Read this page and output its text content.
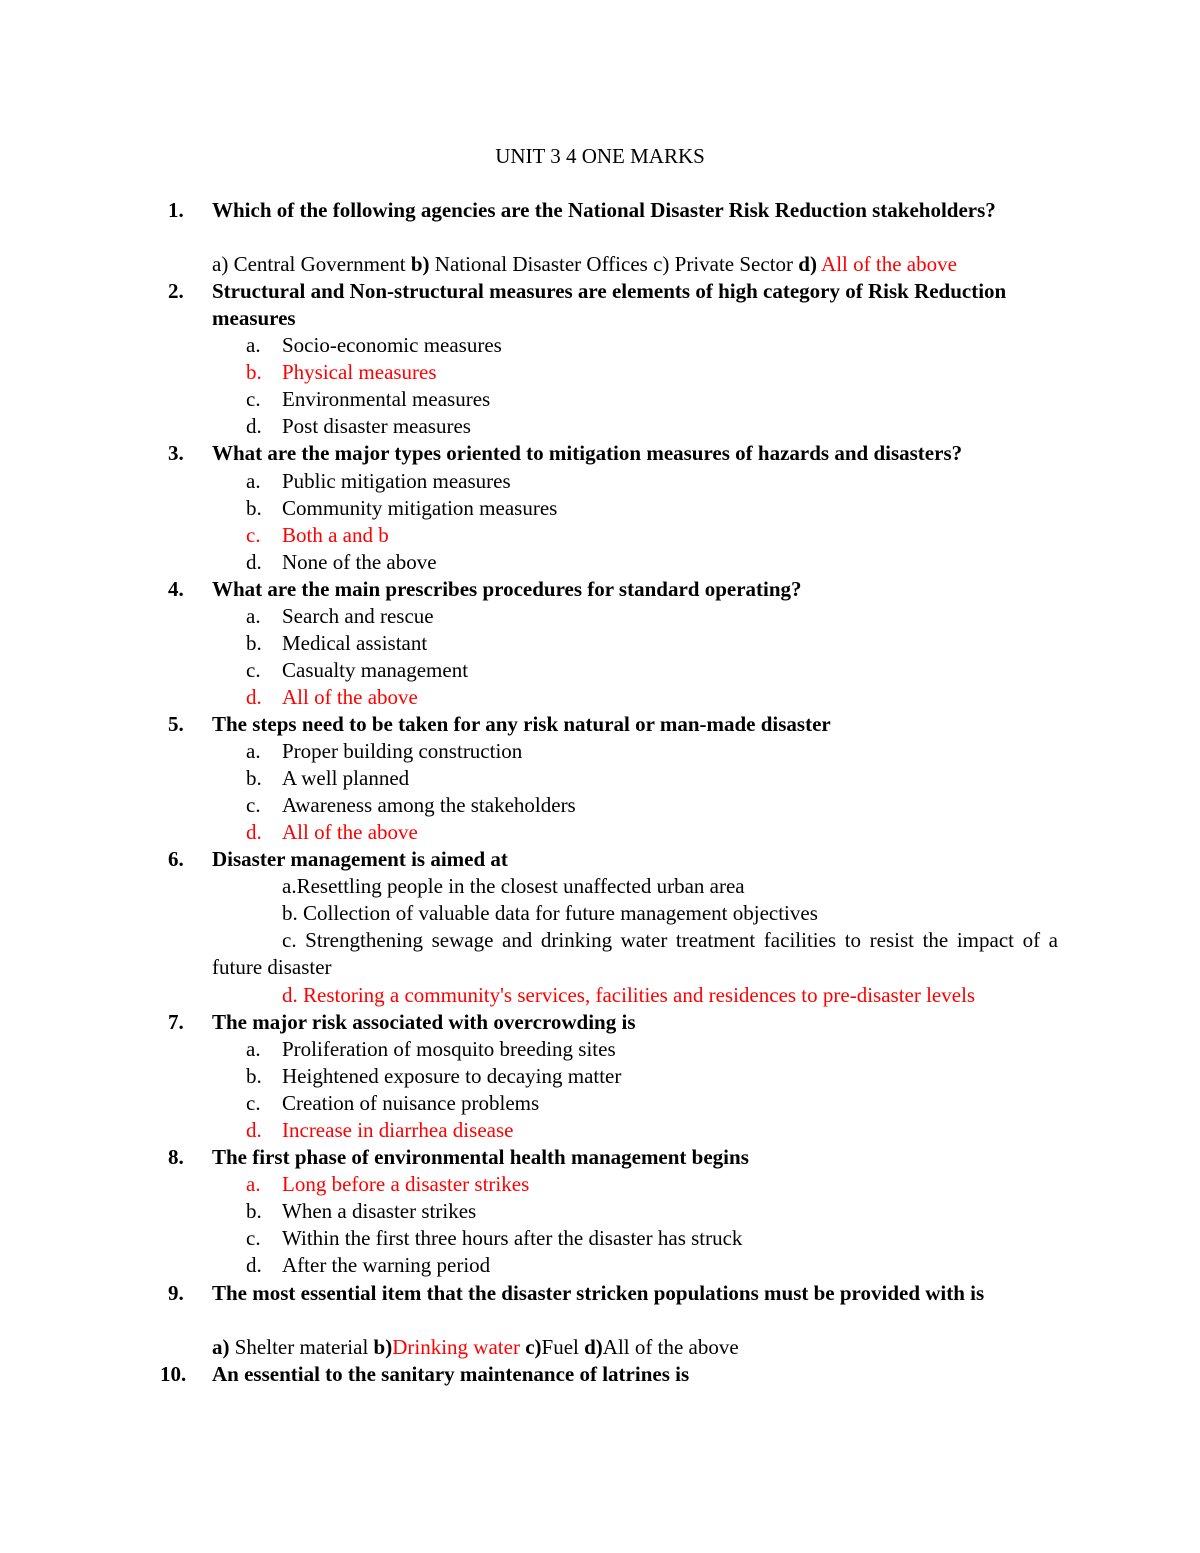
UNIT 3 4 ONE MARKS
1.	Which of the following agencies are the National Disaster Risk Reduction stakeholders?
a) Central Government b) National Disaster Offices c) Private Sector d) All of the above
2.	Structural and Non-structural measures are elements of high category of Risk Reduction measures
a. Socio-economic measures
b. Physical measures
c. Environmental measures
d. Post disaster measures
3.	What are the major types oriented to mitigation measures of hazards and disasters?
a. Public mitigation measures
b. Community mitigation measures
c. Both a and b
d. None of the above
4.	What are the main prescribes procedures for standard operating?
a. Search and rescue
b. Medical assistant
c. Casualty management
d. All of the above
5.	The steps need to be taken for any risk natural or man-made disaster
a. Proper building construction
b. A well planned
c. Awareness among the stakeholders
d. All of the above
6.	Disaster management is aimed at
a.Resettling people in the closest unaffected urban area
b. Collection of valuable data for future management objectives
c. Strengthening sewage and drinking water treatment facilities to resist the impact of a future disaster
d. Restoring a community's services, facilities and residences to pre-disaster levels
7.	The major risk associated with overcrowding is
a. Proliferation of mosquito breeding sites
b. Heightened exposure to decaying matter
c. Creation of nuisance problems
d. Increase in diarrhea disease
8.	The first phase of environmental health management begins
a. Long before a disaster strikes
b. When a disaster strikes
c. Within the first three hours after the disaster has struck
d. After the warning period
9.	The most essential item that the disaster stricken populations must be provided with is
a) Shelter material b)Drinking water c)Fuel d)All of the above
10.	An essential to the sanitary maintenance of latrines is
